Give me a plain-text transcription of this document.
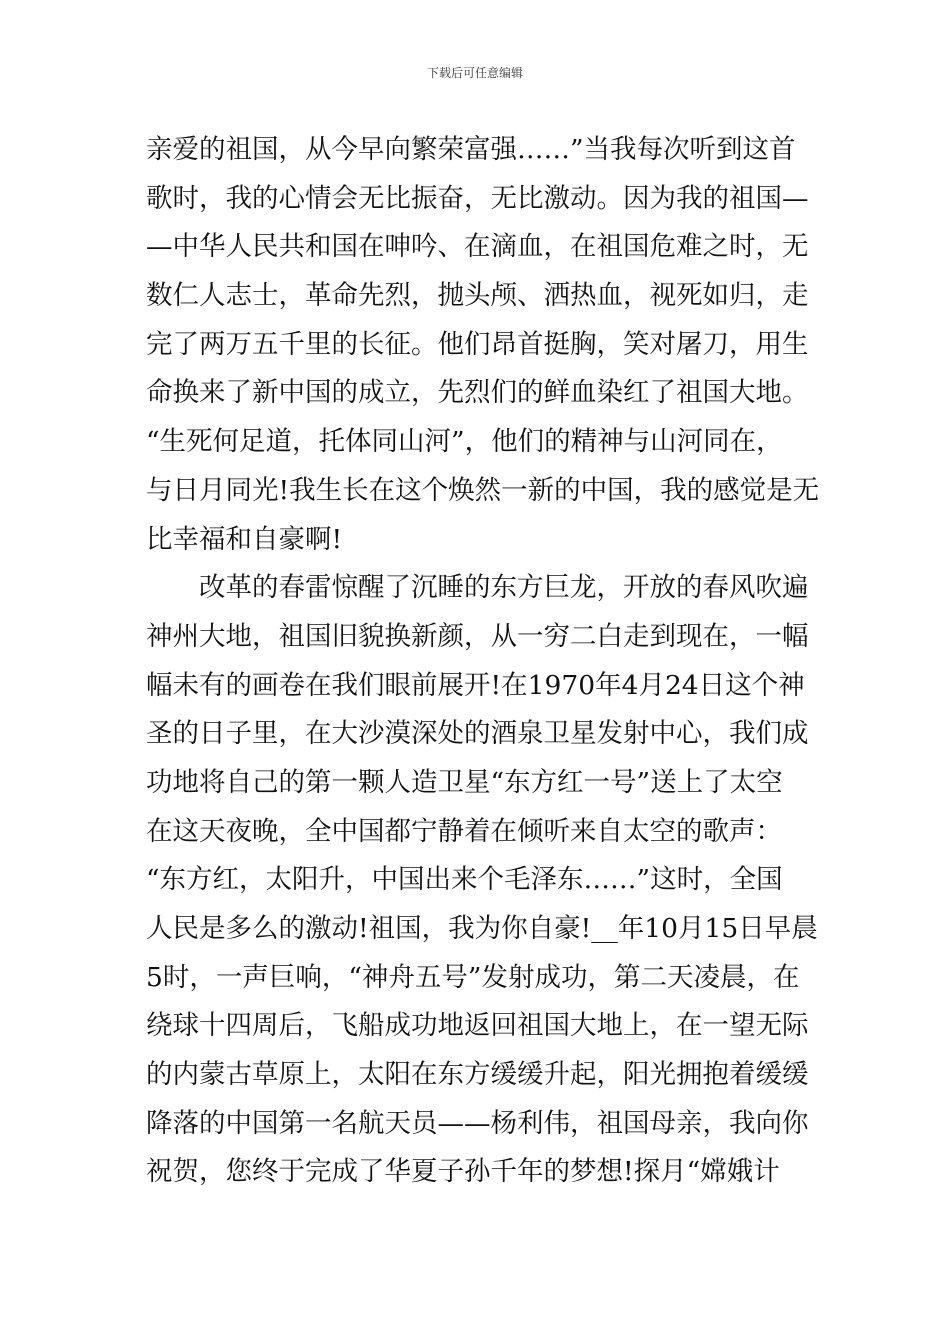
下载后可任意编辑
亲爱的祖国，从今早向繁荣富强……”当我每次听到这首
歌时，我的心情会无比振奋，无比激动。因为我的祖国—
—中华人民共和国在呻吟、在滴血，在祖国危难之时，无
数仁人志士，革命先烈，抛头颅、洒热血，视死如归，走
完了两万五千里的长征。他们昂首挺胸，笑对屠刀，用生
命换来了新中国的成立，先烈们的鲜血染红了祖国大地。
“生死何足道，托体同山河”，他们的精神与山河同在，
与日月同光!我生长在这个焕然一新的中国，我的感觉是无
比幸福和自豪啊!
改革的春雷惊醒了沉睡的东方巨龙，开放的春风吹遍
神州大地，祖国旧貌换新颜，从一穷二白走到现在，一幅
幅未有的画卷在我们眼前展开!在1970年4月24日这个神
圣的日子里，在大沙漠深处的酒泉卫星发射中心，我们成
功地将自己的第一颗人造卫星“东方红一号”送上了太空
在这天夜晚，全中国都宁静着在倾听来自太空的歌声：
“东方红，太阳升，中国出来个毛泽东……”这时，全国
人民是多么的激动!祖国，我为你自豪!__年10月15日早晨
5时，一声巨响，“神舟五号”发射成功，第二天凌晨，在
绕球十四周后，飞船成功地返回祖国大地上，在一望无际
的内蒙古草原上，太阳在东方缓缓升起，阳光拥抱着缓缓
降落的中国第一名航天员——杨利伟，祖国母亲，我向你
祝贺，您终于完成了华夏子孙千年的梦想!探月“嫦娥计
